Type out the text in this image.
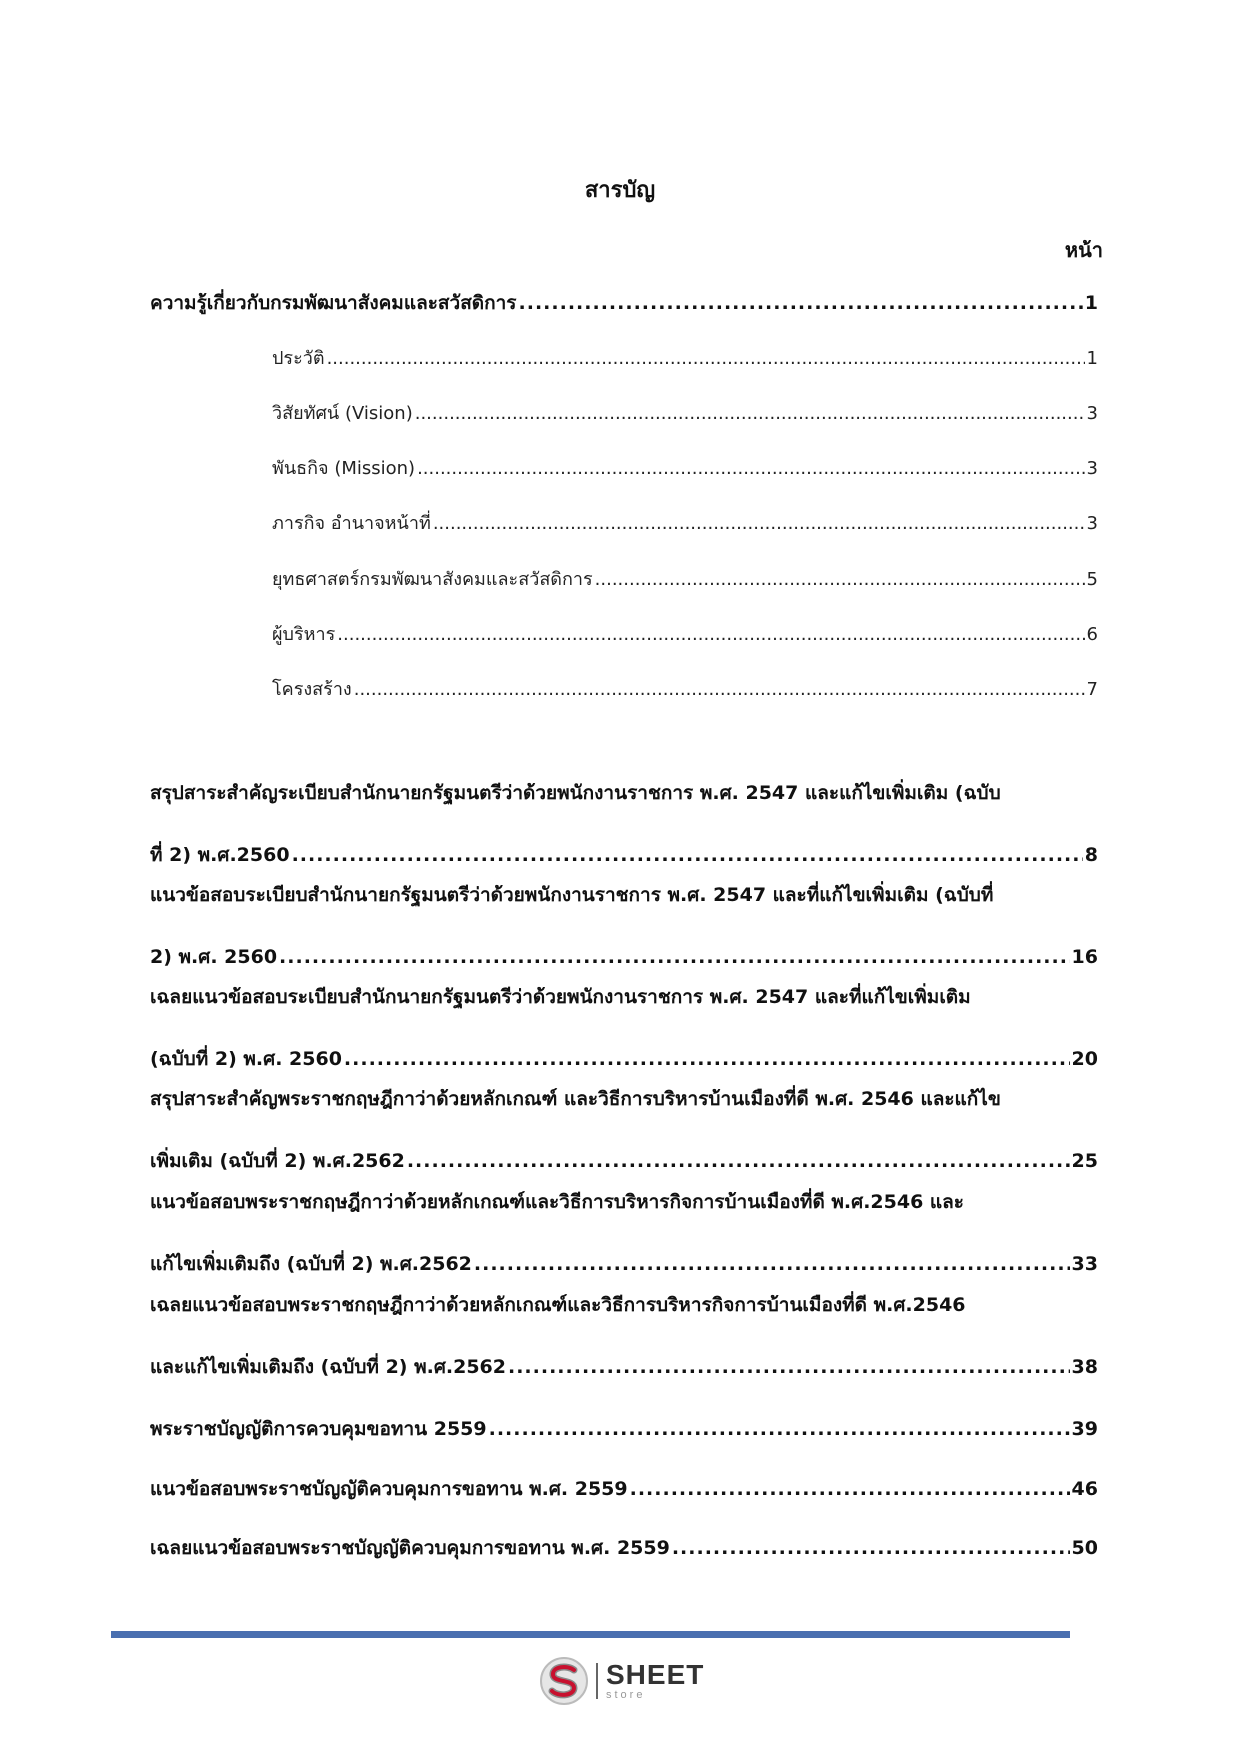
สารบัญ
หน้า
ความรู้เกี่ยวกับกรมพัฒนาสังคมและสวัสดิการ .....	1
ประวัติ .....	1
วิสัยทัศน์ (Vision) .....	3
พันธกิจ (Mission) .....	3
ภารกิจ อำนาจหน้าที่ .....	3
ยุทธศาสตร์กรมพัฒนาสังคมและสวัสดิการ .....	5
ผู้บริหาร .....	6
โครงสร้าง .....	7
สรุปสาระสำคัญระเบียบสำนักนายกรัฐมนตรีว่าด้วยพนักงานราชการ พ.ศ. 2547 และแก้ไขเพิ่มเติม (ฉบับ
ที่ 2) พ.ศ.2560 .....	8
แนวข้อสอบระเบียบสำนักนายกรัฐมนตรีว่าด้วยพนักงานราชการ พ.ศ. 2547 และที่แก้ไขเพิ่มเติม (ฉบับที่
2) พ.ศ. 2560 .....	16
เฉลยแนวข้อสอบระเบียบสำนักนายกรัฐมนตรีว่าด้วยพนักงานราชการ พ.ศ. 2547 และที่แก้ไขเพิ่มเติม
(ฉบับที่ 2) พ.ศ. 2560 .....	20
สรุปสาระสำคัญพระราชกฤษฎีกาว่าด้วยหลักเกณฑ์ และวิธีการบริหารบ้านเมืองที่ดี พ.ศ. 2546 และแก้ไข
เพิ่มเติม (ฉบับที่ 2) พ.ศ.2562 .....	25
แนวข้อสอบพระราชกฤษฎีกาว่าด้วยหลักเกณฑ์และวิธีการบริหารกิจการบ้านเมืองที่ดี พ.ศ.2546 และ
แก้ไขเพิ่มเติมถึง (ฉบับที่ 2) พ.ศ.2562 .....	33
เฉลยแนวข้อสอบพระราชกฤษฎีกาว่าด้วยหลักเกณฑ์และวิธีการบริหารกิจการบ้านเมืองที่ดี พ.ศ.2546
และแก้ไขเพิ่มเติมถึง (ฉบับที่ 2) พ.ศ.2562 .....	38
พระราชบัญญัติการควบคุมขอทาน 2559 .....	39
แนวข้อสอบพระราชบัญญัติควบคุมการขอทาน พ.ศ. 2559 .....	46
เฉลยแนวข้อสอบพระราชบัญญัติควบคุมการขอทาน พ.ศ. 2559 .....	50
SHEET
store
